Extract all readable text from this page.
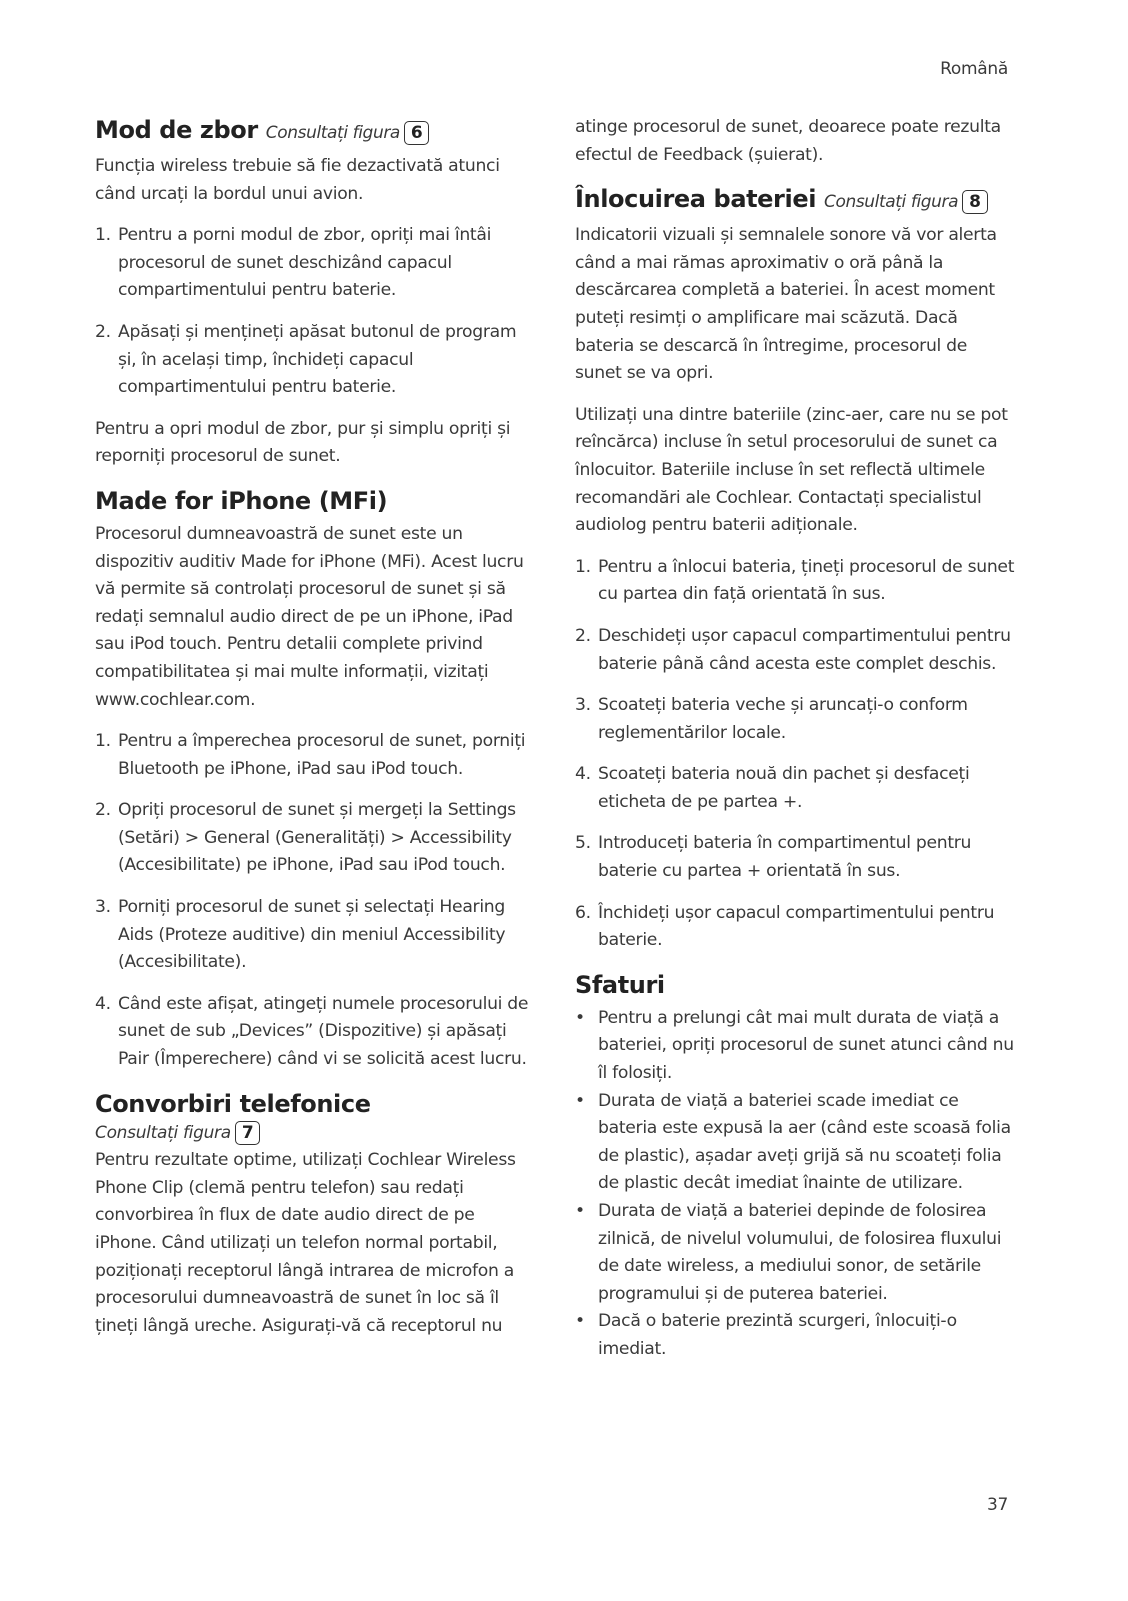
Română
Mod de zbor Consultați figura 6

Funcția wireless trebuie să fie dezactivată atunci când urcați la bordul unui avion.

1. Pentru a porni modul de zbor, opriți mai întâi procesorul de sunet deschizând capacul compartimentului pentru baterie.
2. Apăsați și mențineți apăsat butonul de program și, în același timp, închideți capacul compartimentului pentru baterie.

Pentru a opri modul de zbor, pur și simplu opriți și reporniți procesorul de sunet.

Made for iPhone (MFi)

Procesorul dumneavoastră de sunet este un dispozitiv auditiv Made for iPhone (MFi). Acest lucru vă permite să controlați procesorul de sunet și să redați semnalul audio direct de pe un iPhone, iPad sau iPod touch. Pentru detalii complete privind compatibilitatea și mai multe informații, vizitați www.cochlear.com.

1. Pentru a împerechea procesorul de sunet, porniți Bluetooth pe iPhone, iPad sau iPod touch.
2. Opriți procesorul de sunet și mergeți la Settings (Setări) > General (Generalități) > Accessibility (Accesibilitate) pe iPhone, iPad sau iPod touch.
3. Porniți procesorul de sunet și selectați Hearing Aids (Proteze auditive) din meniul Accessibility (Accesibilitate).
4. Când este afișat, atingeți numele procesorului de sunet de sub „Devices” (Dispozitive) și apăsați Pair (Împerechere) când vi se solicită acest lucru.
Convorbiri telefonice
Consultați figura 7

Pentru rezultate optime, utilizați Cochlear Wireless Phone Clip (clemă pentru telefon) sau redați convorbirea în flux de date audio direct de pe iPhone. Când utilizați un telefon normal portabil, poziționați receptorul lângă intrarea de microfon a procesorului dumneavoastră de sunet în loc să îl țineți lângă ureche. Asigurați-vă că receptorul nu

atinge procesorul de sunet, deoarece poate rezulta efectul de Feedback (șuierat).

Înlocuirea bateriei Consultați figura 8

Indicatorii vizuali și semnalele sonore vă vor alerta când a mai rămas aproximativ o oră până la descărcarea completă a bateriei. În acest moment puteți resimți o amplificare mai scăzută. Dacă bateria se descarcă în întregime, procesorul de sunet se va opri.

Utilizați una dintre bateriile (zinc-aer, care nu se pot reîncărca) incluse în setul procesorului de sunet ca înlocuitor. Bateriile incluse în set reflectă ultimele recomandări ale Cochlear. Contactați specialistul audiolog pentru baterii adiționale.

1. Pentru a înlocui bateria, țineți procesorul de sunet cu partea din față orientată în sus.
2. Deschideți ușor capacul compartimentului pentru baterie până când acesta este complet deschis.
3. Scoateți bateria veche și aruncați-o conform reglementărilor locale.
4. Scoateți bateria nouă din pachet și desfaceți eticheta de pe partea +.
5. Introduceți bateria în compartimentul pentru baterie cu partea + orientată în sus.
6. Închideți ușor capacul compartimentului pentru baterie.
Sfaturi
• Pentru a prelungi cât mai mult durata de viață a bateriei, opriți procesorul de sunet atunci când nu îl folosiți.
• Durata de viață a bateriei scade imediat ce bateria este expusă la aer (când este scoasă folia de plastic), așadar aveți grijă să nu scoateți folia de plastic decât imediat înainte de utilizare.
• Durata de viață a bateriei depinde de folosirea zilnică, de nivelul volumului, de folosirea fluxului de date wireless, a mediului sonor, de setările programului și de puterea bateriei.
• Dacă o baterie prezintă scurgeri, înlocuiți-o imediat.
37
